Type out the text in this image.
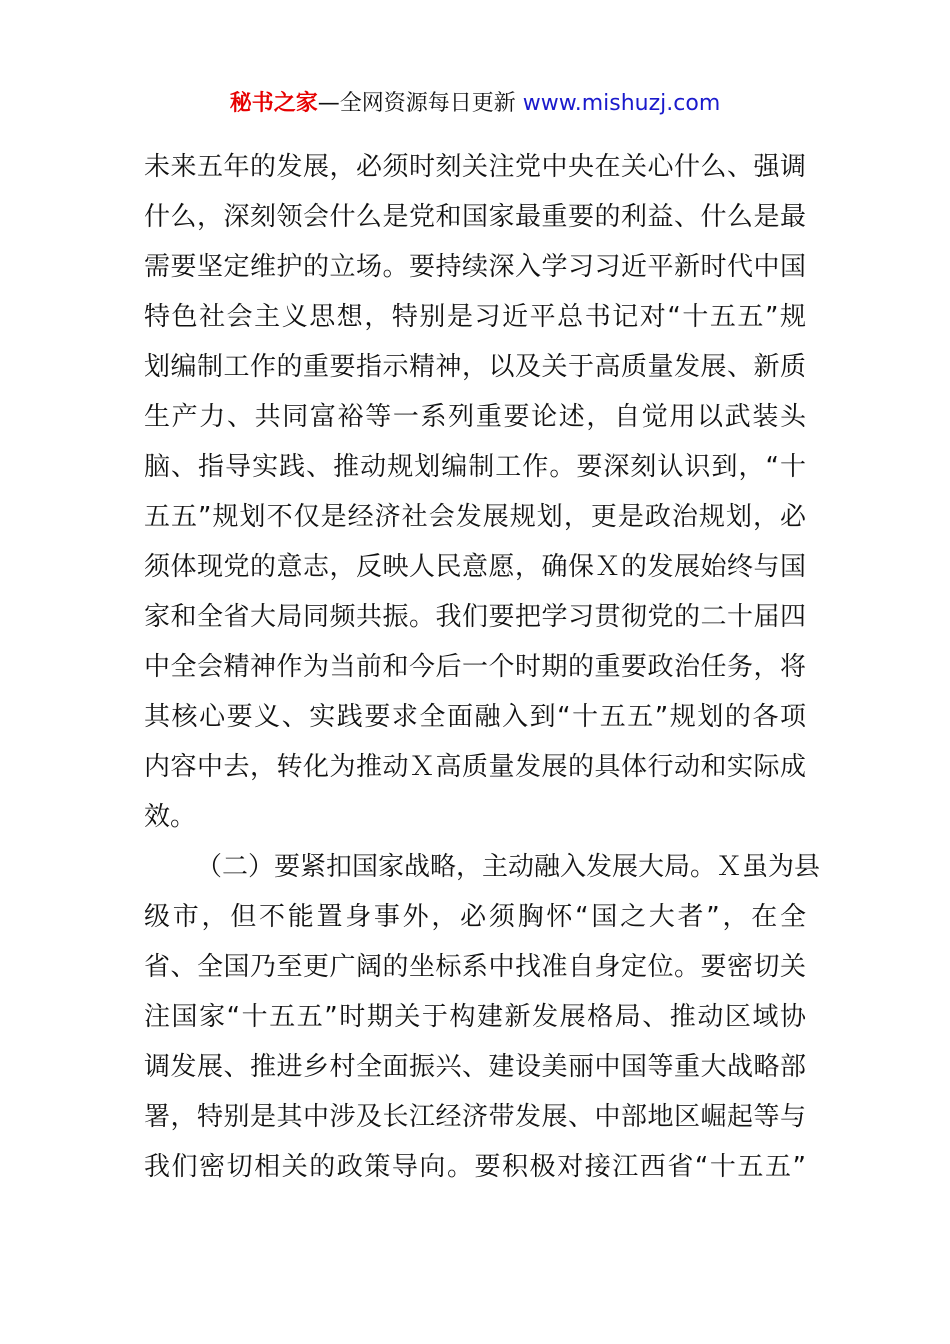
秘书之家—全网资源每日更新 www.mishuzj.com
未来五年的发展，必须时刻关注党中央在关心什么、强调
什么，深刻领会什么是党和国家最重要的利益、什么是最
需要坚定维护的立场。要持续深入学习习近平新时代中国
特色社会主义思想，特别是习近平总书记对“十五五”规
划编制工作的重要指示精神，以及关于高质量发展、新质
生产力、共同富裕等一系列重要论述，自觉用以武装头
脑、指导实践、推动规划编制工作。要深刻认识到，“十
五五”规划不仅是经济社会发展规划，更是政治规划，必
须体现党的意志，反映人民意愿，确保Ｘ的发展始终与国
家和全省大局同频共振。我们要把学习贯彻党的二十届四
中全会精神作为当前和今后一个时期的重要政治任务，将
其核心要义、实践要求全面融入到“十五五”规划的各项
内容中去，转化为推动Ｘ高质量发展的具体行动和实际成
效。
（二）要紧扣国家战略，主动融入发展大局。Ｘ虽为县
级市，但不能置身事外，必须胸怀“国之大者”，在全
省、全国乃至更广阔的坐标系中找准自身定位。要密切关
注国家“十五五”时期关于构建新发展格局、推动区域协
调发展、推进乡村全面振兴、建设美丽中国等重大战略部
署，特别是其中涉及长江经济带发展、中部地区崛起等与
我们密切相关的政策导向。要积极对接江西省“十五五”
